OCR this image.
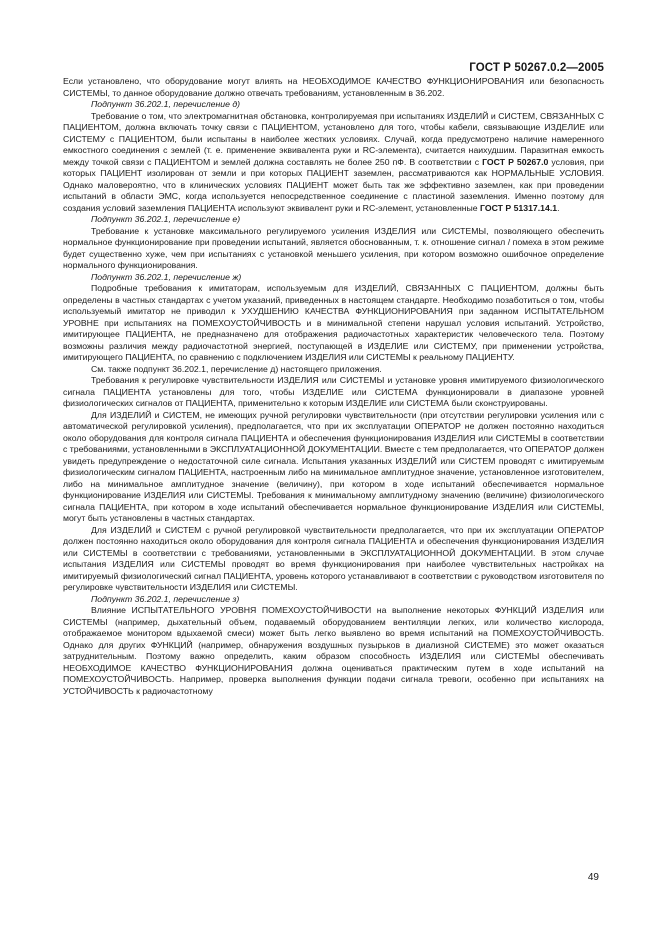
ГОСТ Р 50267.0.2—2005

Если установлено, что оборудование могут влиять на НЕОБХОДИМОЕ КАЧЕСТВО ФУНКЦИОНИРОВАНИЯ или безопасность СИСТЕМЫ, то данное оборудование должно отвечать требованиям, установленным в 36.202.

Подпункт 36.202.1, перечисление д)

Требование о том, что электромагнитная обстановка, контролируемая при испытаниях ИЗДЕЛИЙ и СИСТЕМ, СВЯЗАННЫХ С ПАЦИЕНТОМ, должна включать точку связи с ПАЦИЕНТОМ, установлено для того, чтобы кабели, связывающие ИЗДЕЛИЕ или СИСТЕМУ с ПАЦИЕНТОМ, были испытаны в наиболее жестких условиях. Случай, когда предусмотрено наличие намеренного емкостного соединения с землей (т. е. применение эквивалента руки и RC-элемента), считается наихудшим. Паразитная емкость между точкой связи с ПАЦИЕНТОМ и землей должна составлять не более 250 пФ. В соответствии с ГОСТ Р 50267.0 условия, при которых ПАЦИЕНТ изолирован от земли и при которых ПАЦИЕНТ заземлен, рассматриваются как НОРМАЛЬНЫЕ УСЛОВИЯ. Однако маловероятно, что в клинических условиях ПАЦИЕНТ может быть так же эффективно заземлен, как при проведении испытаний в области ЭМС, когда используется непосредственное соединение с пластиной заземления. Именно поэтому для создания условий заземления ПАЦИЕНТА используют эквивалент руки и RC-элемент, установленные ГОСТ Р 51317.14.1.

Подпункт 36.202.1, перечисление е)

Требование к установке максимального регулируемого усиления ИЗДЕЛИЯ или СИСТЕМЫ, позволяющего обеспечить нормальное функционирование при проведении испытаний, является обоснованным, т. к. отношение сигнал / помеха в этом режиме будет существенно хуже, чем при испытаниях с установкой меньшего усиления, при котором возможно ошибочное определение нормального функционирования.

Подпункт 36.202.1, перечисление ж)

Подробные требования к имитаторам, используемым для ИЗДЕЛИЙ, СВЯЗАННЫХ С ПАЦИЕНТОМ, должны быть определены в частных стандартах с учетом указаний, приведенных в настоящем стандарте. Необходимо позаботиться о том, чтобы используемый имитатор не приводил к УХУДШЕНИЮ КАЧЕСТВА ФУНКЦИОНИРОВАНИЯ при заданном ИСПЫТАТЕЛЬНОМ УРОВНЕ при испытаниях на ПОМЕХОУСТОЙЧИВОСТЬ и в минимальной степени нарушал условия испытаний. Устройство, имитирующее ПАЦИЕНТА, не предназначено для отображения радиочастотных характеристик человеческого тела. Поэтому возможны различия между радиочастотной энергией, поступающей в ИЗДЕЛИЕ или СИСТЕМУ, при применении устройства, имитирующего ПАЦИЕНТА, по сравнению с подключением ИЗДЕЛИЯ или СИСТЕМЫ к реальному ПАЦИЕНТУ.

См. также подпункт 36.202.1, перечисление д) настоящего приложения.

Требования к регулировке чувствительности ИЗДЕЛИЯ или СИСТЕМЫ и установке уровня имитируемого физиологического сигнала ПАЦИЕНТА установлены для того, чтобы ИЗДЕЛИЕ или СИСТЕМА функционировали в диапазоне уровней физиологических сигналов от ПАЦИЕНТА, применительно к которым ИЗДЕЛИЕ или СИСТЕМА были сконструированы.

Для ИЗДЕЛИЙ и СИСТЕМ, не имеющих ручной регулировки чувствительности (при отсутствии регулировки усиления или с автоматической регулировкой усиления), предполагается, что при их эксплуатации ОПЕРАТОР не должен постоянно находиться около оборудования для контроля сигнала ПАЦИЕНТА и обеспечения функционирования ИЗДЕЛИЯ или СИСТЕМЫ в соответствии с требованиями, установленными в ЭКСПЛУАТАЦИОННОЙ ДОКУМЕНТАЦИИ. Вместе с тем предполагается, что ОПЕРАТОР должен увидеть предупреждение о недостаточной силе сигнала. Испытания указанных ИЗДЕЛИЙ или СИСТЕМ проводят с имитируемым физиологическим сигналом ПАЦИЕНТА, настроенным либо на минимальное амплитудное значение, установленное изготовителем, либо на минимальное амплитудное значение (величину), при котором в ходе испытаний обеспечивается нормальное функционирование ИЗДЕЛИЯ или СИСТЕМЫ. Требования к минимальному амплитудному значению (величине) физиологического сигнала ПАЦИЕНТА, при котором в ходе испытаний обеспечивается нормальное функционирование ИЗДЕЛИЯ или СИСТЕМЫ, могут быть установлены в частных стандартах.

Для ИЗДЕЛИЙ и СИСТЕМ с ручной регулировкой чувствительности предполагается, что при их эксплуатации ОПЕРАТОР должен постоянно находиться около оборудования для контроля сигнала ПАЦИЕНТА и обеспечения функционирования ИЗДЕЛИЯ или СИСТЕМЫ в соответствии с требованиями, установленными в ЭКСПЛУАТАЦИОННОЙ ДОКУМЕНТАЦИИ. В этом случае испытания ИЗДЕЛИЯ или СИСТЕМЫ проводят во время функционирования при наиболее чувствительных настройках на имитируемый физиологический сигнал ПАЦИЕНТА, уровень которого устанавливают в соответствии с руководством изготовителя по регулировке чувствительности ИЗДЕЛИЯ или СИСТЕМЫ.

Подпункт 36.202.1, перечисление з)

Влияние ИСПЫТАТЕЛЬНОГО УРОВНЯ ПОМЕХОУСТОЙЧИВОСТИ на выполнение некоторых ФУНКЦИЙ ИЗДЕЛИЯ или СИСТЕМЫ (например, дыхательный объем, подаваемый оборудованием вентиляции легких, или количество кислорода, отображаемое монитором вдыхаемой смеси) может быть легко выявлено во время испытаний на ПОМЕХОУСТОЙЧИВОСТЬ. Однако для других ФУНКЦИЙ (например, обнаружения воздушных пузырьков в диализной СИСТЕМЕ) это может оказаться затруднительным. Поэтому важно определить, каким образом способность ИЗДЕЛИЯ или СИСТЕМЫ обеспечивать НЕОБХОДИМОЕ КАЧЕСТВО ФУНКЦИОНИРОВАНИЯ должна оцениваться практическим путем в ходе испытаний на ПОМЕХОУСТОЙЧИВОСТЬ. Например, проверка выполнения функции подачи сигнала тревоги, особенно при испытаниях на УСТОЙЧИВОСТЬ к радиочастотному

49
